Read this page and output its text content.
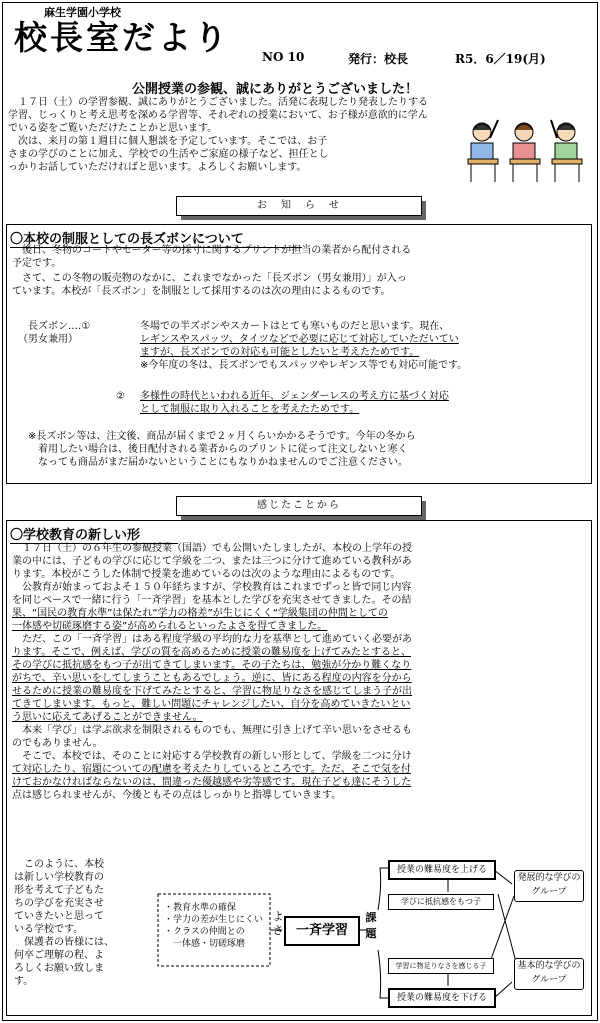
麻生学園小学校
校長室だより	NO 10	発行：校長	R5．6／19(月)
公開授業の参観、誠にありがとうございました！

　１７日（土）の学習参観、誠にありがとうございました。活発に表現したり発表したりする

学習、じっくりと考え思考を深める学習等、それぞれの授業において、お子様が意欲的に学ん

でいる姿をご覧いただけたことかと思います。

　次は、来月の第１週目に個人懇談を予定しています。そこでは、お子

さまの学びのことに加え、学校での生活やご家庭の様子など、担任とし

っかりお話していただければと思います。よろしくお願いします。

お　知　ら　せ
〇本校の制服としての長ズボンについて

　後日、冬物のコートやセーター等の採寸に関するプリントが担当の業者から配付される

予定です。

　さて、この冬物の販売物のなかに、これまでなかった「長ズボン（男女兼用）」が入っ

ています。本校が「長ズボン」を制服として採用するのは次の理由によるものです。

長ズボン‥‥①
（男女兼用）

冬場での半ズボンやスカートはとても寒いものだと思います。現在、

レギンスやスパッツ、タイツなどで必要に応じて対応していただいてい

ますが、長ズボンでの対応も可能としたいと考えたためです。

※今年度の冬は、長ズボンでもスパッツやレギンス等でも対応可能です。

② 多様性の時代といわれる近年、ジェンダーレスの考え方に基づく対応

として制服に取り入れることを考えたためです。

※長ズボン等は、注文後、商品が届くまで２ヶ月くらいかかるそうです。今年の冬から

　着用したい場合は、後日配付される業者からのプリントに従って注文しないと寒く

　なっても商品がまだ届かないということにもなりかねませんのでご注意ください。

感じたことから
〇学校教育の新しい形

　１７日（土）の６年生の参観授業（国語）でも公開いたしましたが、本校の上学年の授

業の中には、子どもの学びに応じて学級を二つ、または三つに分けて進めている教科があ

ります。本校がこうした体制で授業を進めているのは次のような理由によるものです。

　公教育が始まっておよそ１５０年経ちますが、学校教育はこれまでずっと皆で同じ内容

を同じペースで一緒に行う「一斉学習」を基本とした学びを充実させてきました。その結

果、“国民の教育水準”は保たれ“学力の格差”が生じにくく“学級集団の仲間としての

一体感や切磋琢磨する姿”が高められるといったよさを得てきました。

　ただ、この「一斉学習」はある程度学級の平均的な力を基準として進めていく必要があ

ります。そこで、例えば、学びの質を高めるために授業の難易度を上げてみたとすると、

その学びに抵抗感をもつ子が出てきてしまいます。その子たちは、勉強が分かり難くなり

がちで、辛い思いをしてしまうこともあるでしょう。逆に、皆にある程度の内容を分から

せるために授業の難易度を下げてみたとすると、学習に物足りなさを感じてしまう子が出

てきてしまいます。もっと、難しい問題にチャレンジしたい、自分を高めていきたいとい

う思いに応えてあげることができません。

　本来「学び」は学ぶ欲求を制限されるものでも、無理に引き上げて辛い思いをさせるも

のでもありません。

　そこで、本校では、そのことに対応する学校教育の新しい形として、学級を二つに分け

て対応したり、宿題についての配慮を考えたりしているところです。ただ、そこで気を付

けておかなければならないのは、間違った優越感や劣等感です。現在子ども達にそうした

点は感じられませんが、今後ともその点はしっかりと指導していきます。

　このように、本校

は新しい学校教育の

形を考えて子どもた

ちの学びを充実させ

ていきたいと思って

いる学校です。

　保護者の皆様には、

何卒ご理解の程、よ

ろしくお願い致しま

す。

・教育水準の確保
・学力の差が生じにくい
・クラスの仲間との
　一体感・切磋琢磨
よ さ 一斉学習
課 題
授業の難易度を上げる
学びに抵抗感をもつ子
学習に物足りなさを感じる子
授業の難易度を下げる
発展的な学びのグループ
基本的な学びのグループ
